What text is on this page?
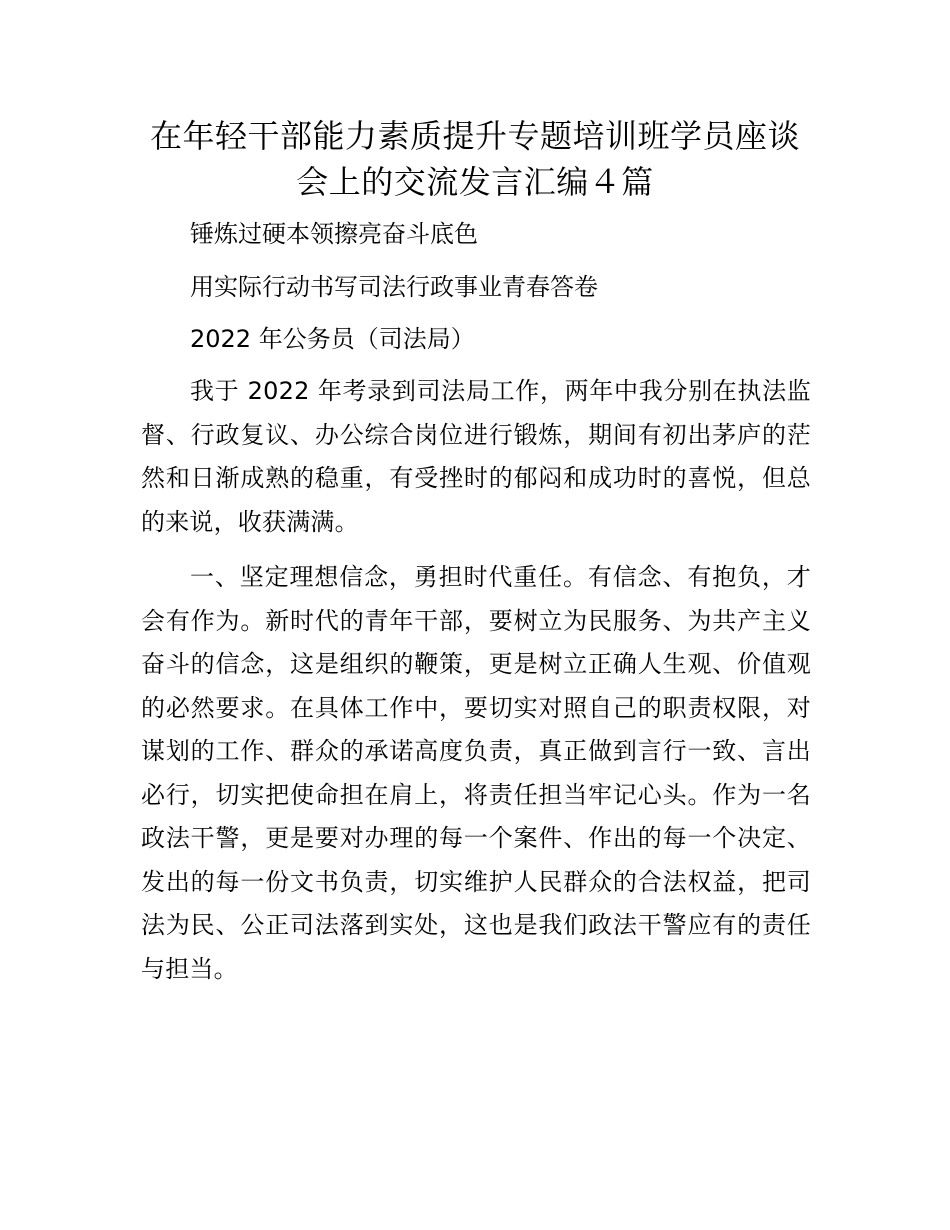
在年轻干部能力素质提升专题培训班学员座谈
会上的交流发言汇编４篇
锤炼过硬本领擦亮奋斗底色
用实际行动书写司法行政事业青春答卷
2022 年公务员（司法局）
我于 2022 年考录到司法局工作，两年中我分别在执法监督、行政复议、办公综合岗位进行锻炼，期间有初出茅庐的茫然和日渐成熟的稳重，有受挫时的郁闷和成功时的喜悦，但总的来说，收获满满。
一、坚定理想信念，勇担时代重任。有信念、有抱负，才会有作为。新时代的青年干部，要树立为民服务、为共产主义奋斗的信念，这是组织的鞭策，更是树立正确人生观、价值观的必然要求。在具体工作中，要切实对照自己的职责权限，对谋划的工作、群众的承诺高度负责，真正做到言行一致、言出必行，切实把使命担在肩上，将责任担当牢记心头。作为一名政法干警，更是要对办理的每一个案件、作出的每一个决定、发出的每一份文书负责，切实维护人民群众的合法权益，把司法为民、公正司法落到实处，这也是我们政法干警应有的责任与担当。
